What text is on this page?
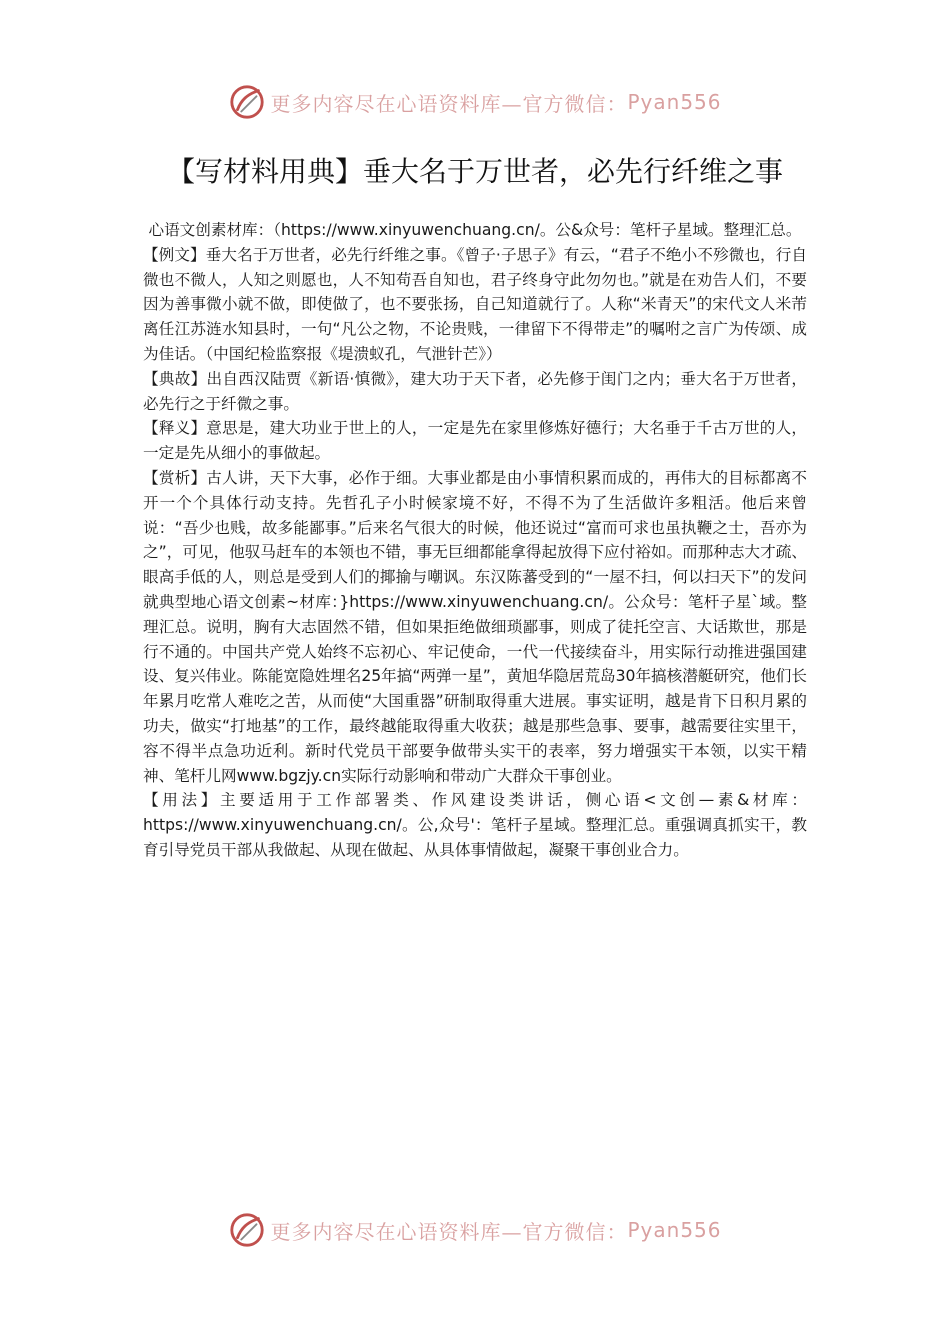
更多内容尽在心语资料库—官方微信： Pyan556
【写材料用典】垂大名于万世者，必先行纤维之事

心语文创素材库：（https://www.xinyuwenchuang.cn/。公&众号：笔杆子星域。整理汇总。

【例文】垂大名于万世者，必先行纤维之事。《曾子·子思子》有云，“君子不绝小不殄微也，行自微也不微人，人知之则愿也，人不知苟吾自知也，君子终身守此勿勿也。”就是在劝告人们，不要因为善事微小就不做，即使做了，也不要张扬，自己知道就行了。人称“米青天”的宋代文人米芾离任江苏涟水知县时，一句“凡公之物，不论贵贱，一律留下不得带走”的嘱咐之言广为传颂、成为佳话。（中国纪检监察报《堤溃蚁孔，气泄针芒》）

【典故】出自西汉陆贾《新语·慎微》，建大功于天下者，必先修于闺门之内；垂大名于万世者，必先行之于纤微之事。

【释义】意思是，建大功业于世上的人，一定是先在家里修炼好德行；大名垂于千古万世的人，一定是先从细小的事做起。

【赏析】古人讲，天下大事，必作于细。大事业都是由小事情积累而成的，再伟大的目标都离不开一个个具体行动支持。先哲孔子小时候家境不好，不得不为了生活做许多粗活。他后来曾说：“吾少也贱，故多能鄙事。”后来名气很大的时候，他还说过“富而可求也虽执鞭之士，吾亦为之”，可见，他驭马赶车的本领也不错，事无巨细都能拿得起放得下应付裕如。而那种志大才疏、眼高手低的人，则总是受到人们的揶揄与嘲讽。东汉陈蕃受到的“一屋不扫，何以扫天下”的发问就典型地心语文创素~材库：}https://www.xinyuwenchuang.cn/。公众号：笔杆子星`域。整理汇总。说明，胸有大志固然不错，但如果拒绝做细琐鄙事，则成了徒托空言、大话欺世，那是行不通的。中国共产党人始终不忘初心、牢记使命，一代一代接续奋斗，用实际行动推进强国建设、复兴伟业。陈能宽隐姓埋名25年搞“两弹一星”，黄旭华隐居荒岛30年搞核潜艇研究，他们长年累月吃常人难吃之苦，从而使“大国重器”研制取得重大进展。事实证明，越是肯下日积月累的功夫，做实“打地基”的工作，最终越能取得重大收获；越是那些急事、要事，越需要往实里干，容不得半点急功近利。新时代党员干部要争做带头实干的表率，努力增强实干本领，以实干精神、笔杆儿网www.bgzjy.cn实际行动影响和带动广大群众干事创业。

【用法】主要适用于工作部署类、作风建设类讲话，侧心语<文创—素&材库：https://www.xinyuwenchuang.cn/。公,众号'：笔杆子星域。整理汇总。重强调真抓实干，教育引导党员干部从我做起、从现在做起、从具体事情做起，凝聚干事创业合力。

更多内容尽在心语资料库—官方微信： Pyan556
